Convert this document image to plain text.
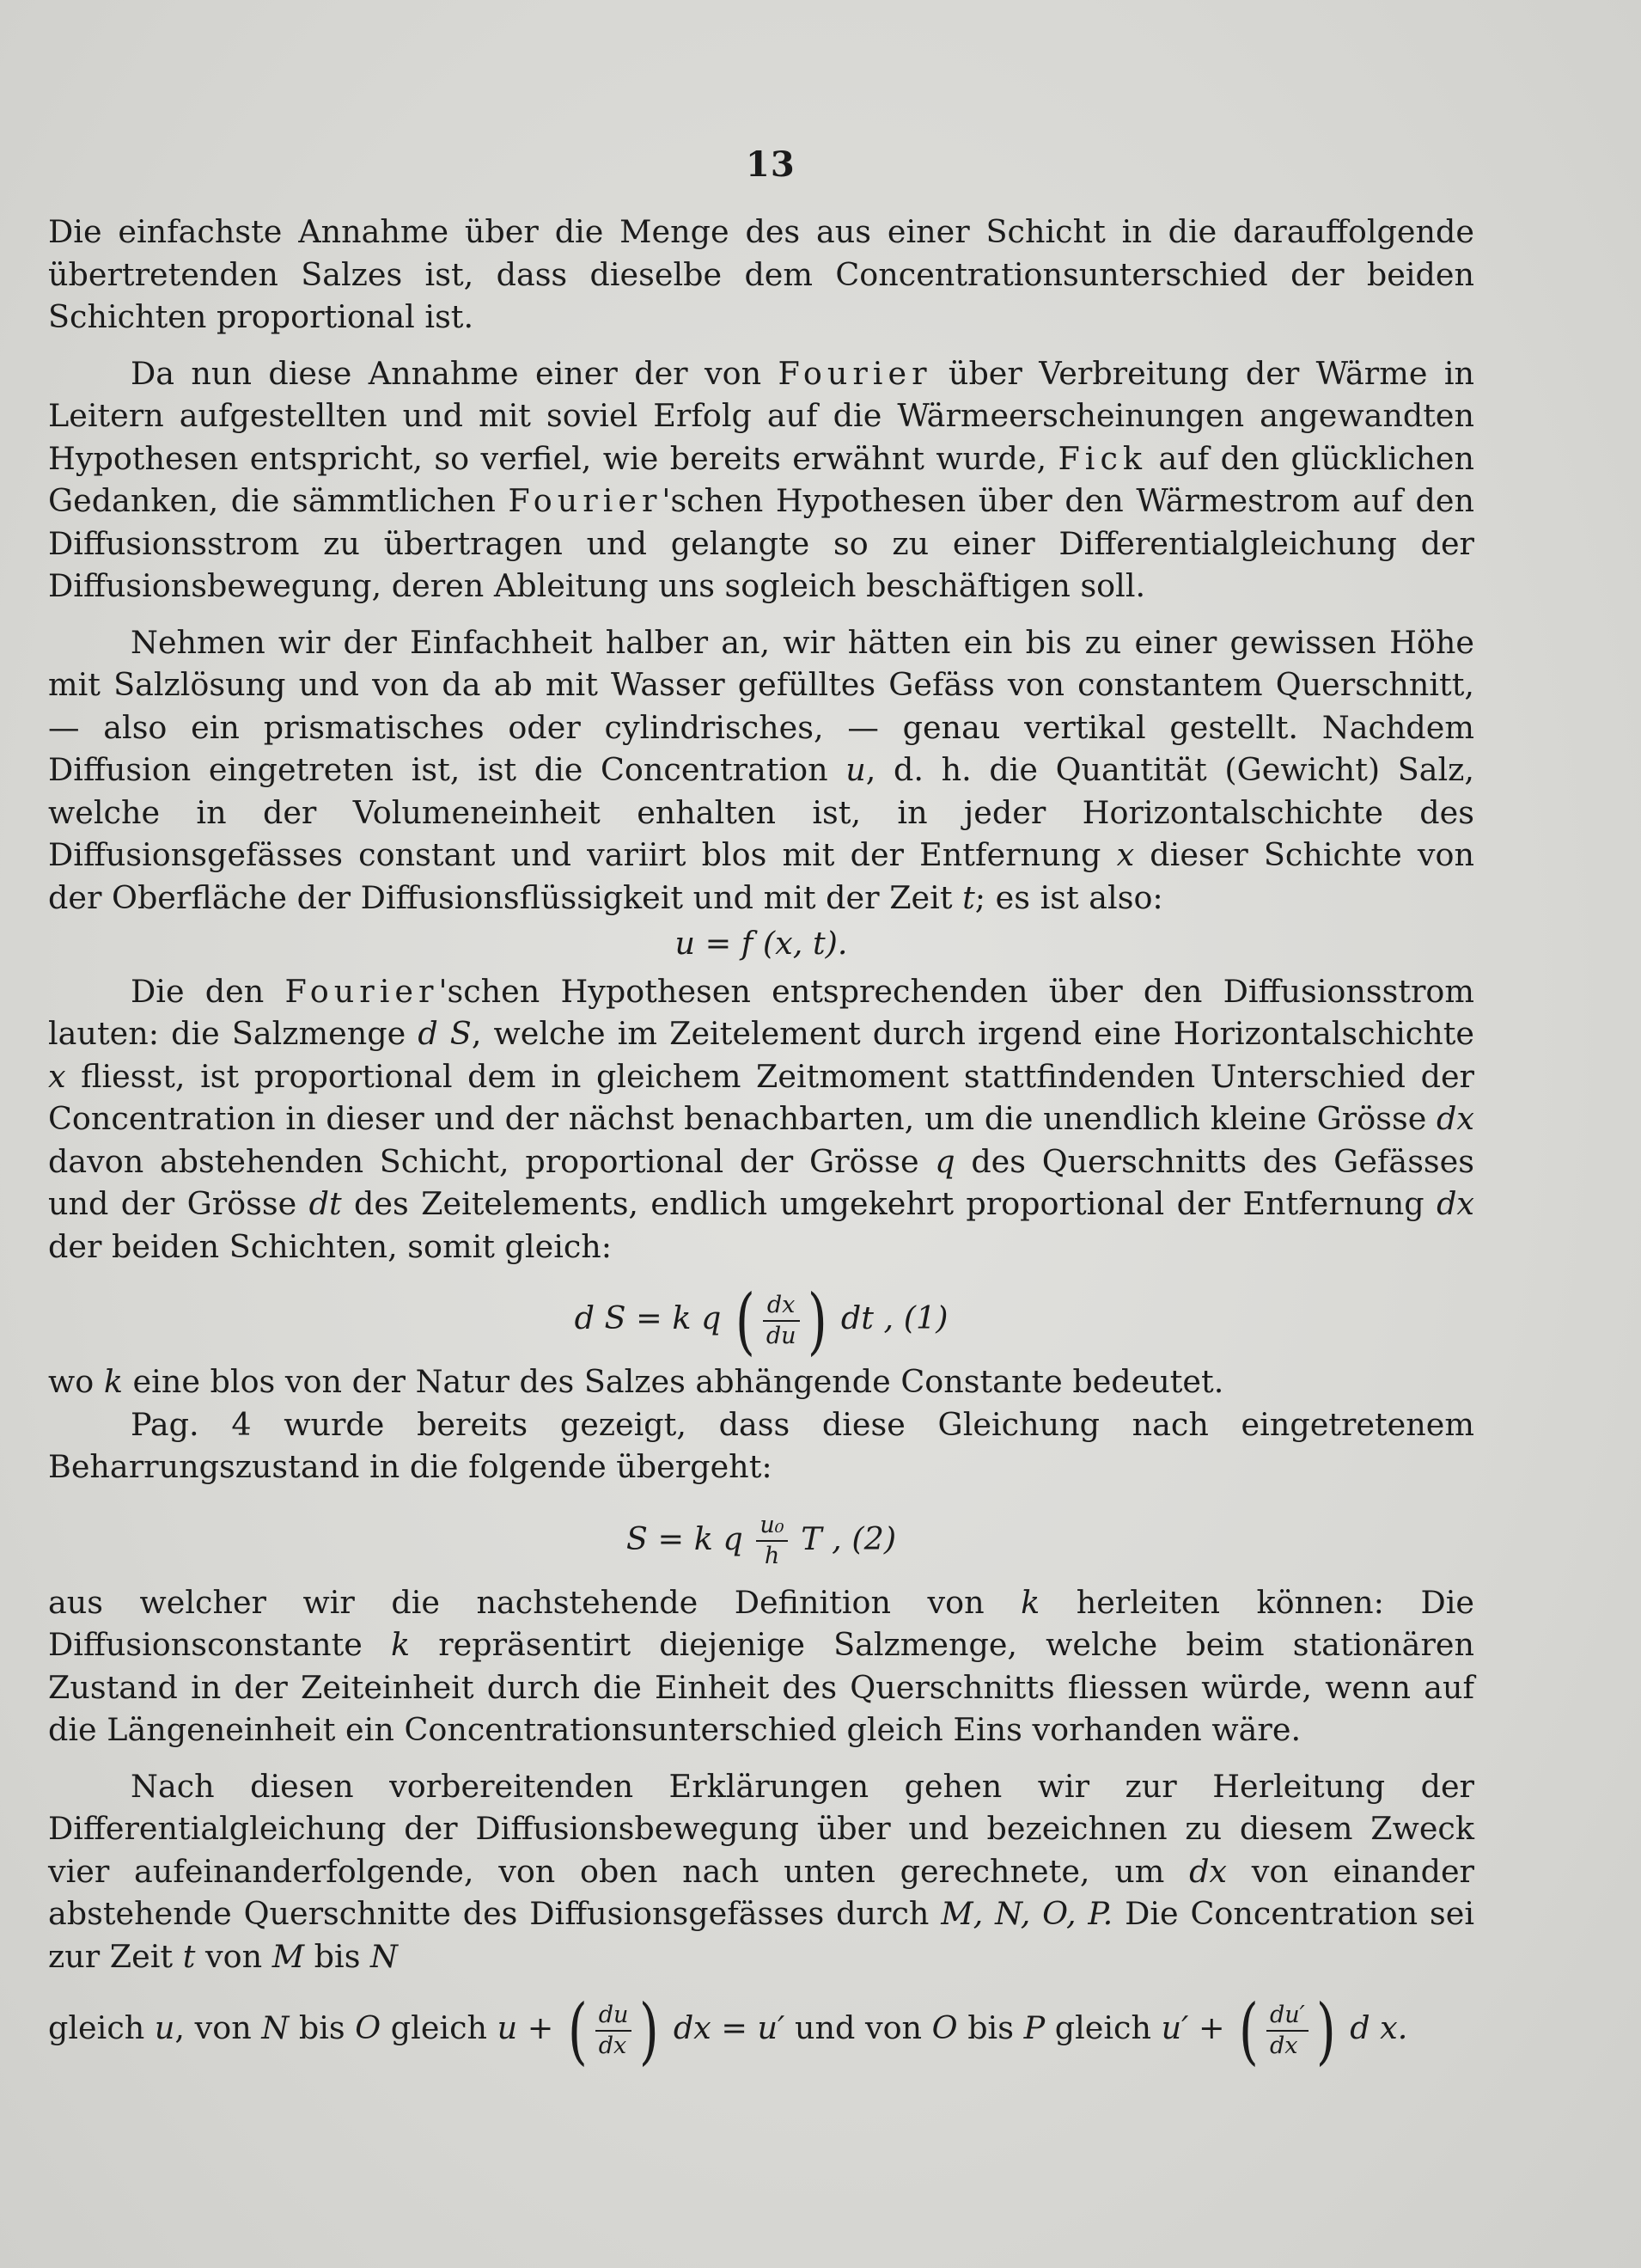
13

Die einfachste Annahme über die Menge des aus einer Schicht in die darauffolgende übertretenden Salzes ist, dass dieselbe dem Concentrationsunterschied der beiden Schichten proportional ist.

Da nun diese Annahme einer der von Fourier über Verbreitung der Wärme in Leitern aufgestellten und mit soviel Erfolg auf die Wärmeerscheinungen angewandten Hypothesen entspricht, so verfiel, wie bereits erwähnt wurde, Fick auf den glücklichen Gedanken, die sämmtlichen Fourier'schen Hypothesen über den Wärmestrom auf den Diffusionsstrom zu übertragen und gelangte so zu einer Differentialgleichung der Diffusionsbewegung, deren Ableitung uns sogleich beschäftigen soll.

Nehmen wir der Einfachheit halber an, wir hätten ein bis zu einer gewissen Höhe mit Salzlösung und von da ab mit Wasser gefülltes Gefäss von constantem Querschnitt, — also ein prismatisches oder cylindrisches, — genau vertikal gestellt. Nachdem Diffusion eingetreten ist, ist die Concentration u, d. h. die Quantität (Gewicht) Salz, welche in der Volumeneinheit enhalten ist, in jeder Horizontalschichte des Diffusionsgefässes constant und variirt blos mit der Entfernung x dieser Schichte von der Oberfläche der Diffusionsflüssigkeit und mit der Zeit t; es ist also:

u = f (x, t).

Die den Fourier'schen Hypothesen entsprechenden über den Diffusionsstrom lauten: die Salzmenge d S, welche im Zeitelement durch irgend eine Horizontalschichte x fliesst, ist proportional dem in gleichem Zeitmoment stattfindenden Unterschied der Concentration in dieser und der nächst benachbarten, um die unendlich kleine Grösse dx davon abstehenden Schicht, proportional der Grösse q des Querschnitts des Gefässes und der Grösse dt des Zeitelements, endlich umgekehrt proportional der Entfernung dx der beiden Schichten, somit gleich:

d S = k q ( $\frac{dx}{du}$ ) dt , (1)

wo k eine blos von der Natur des Salzes abhängende Constante bedeutet.

Pag. 4 wurde bereits gezeigt, dass diese Gleichung nach eingetretenem Beharrungszustand in die folgende übergeht:

S = k q $\frac{\text{u₀}}{h}$ T , (2)

aus welcher wir die nachstehende Definition von k herleiten können: Die Diffusionsconstante k repräsentirt diejenige Salzmenge, welche beim stationären Zustand in der Zeiteinheit durch die Einheit des Querschnitts fliessen würde, wenn auf die Längeneinheit ein Concentrationsunterschied gleich Eins vorhanden wäre.

Nach diesen vorbereitenden Erklärungen gehen wir zur Herleitung der Differentialgleichung der Diffusionsbewegung über und bezeichnen zu diesem Zweck vier aufeinanderfolgende, von oben nach unten gerechnete, um dx von einander abstehende Querschnitte des Diffusionsgefässes durch M, N, O, P. Die Concentration sei zur Zeit t von M bis N

gleich u, von N bis O gleich u + ( $\frac{du}{dx}$ ) dx = u′ und von O bis P gleich u′ + ( $\frac{du'}{dx}$ ) d x.
